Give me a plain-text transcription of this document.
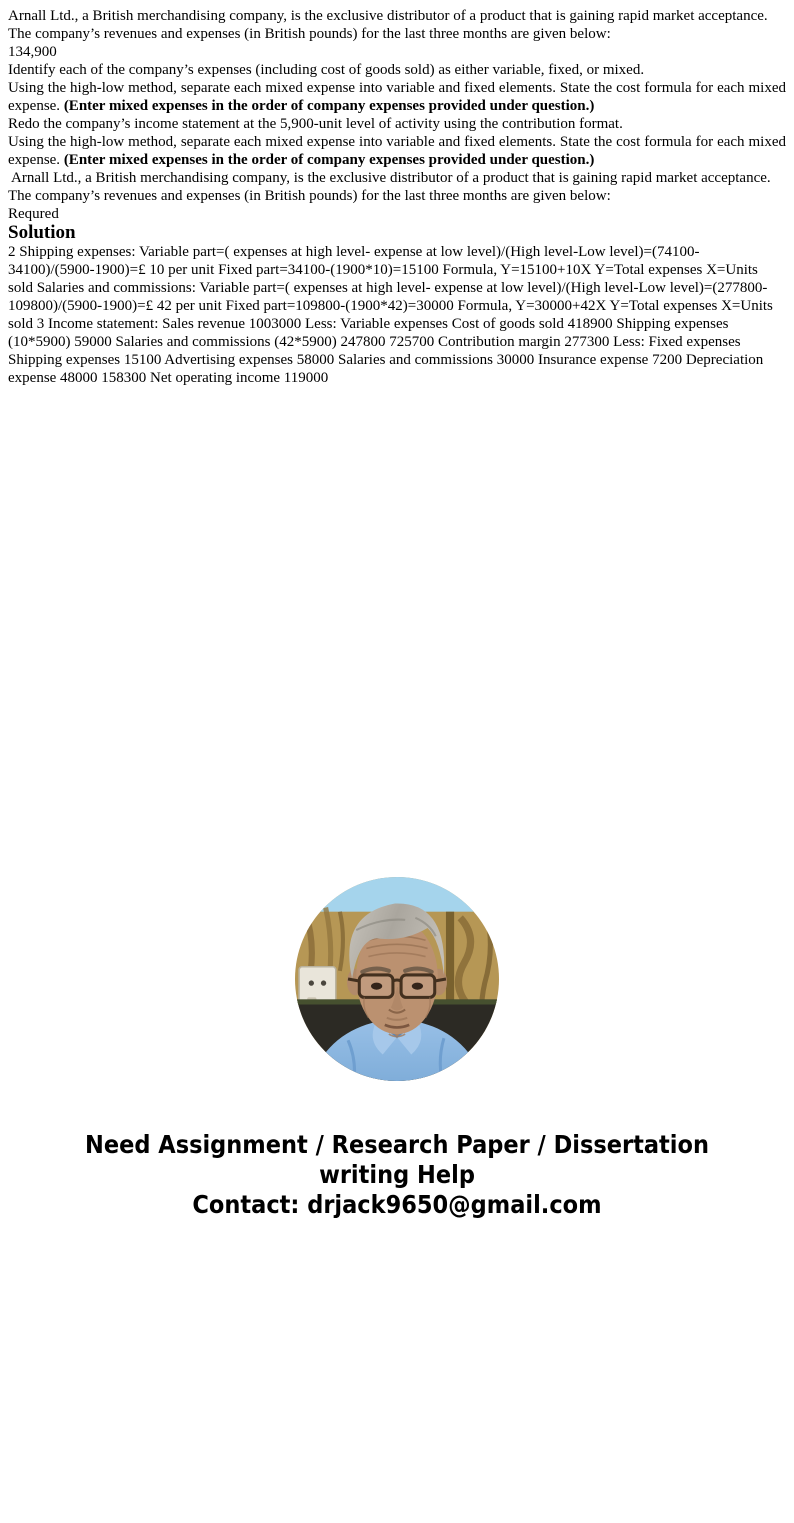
Arnall Ltd., a British merchandising company, is the exclusive distributor of a product that is gaining rapid market acceptance. The company’s revenues and expenses (in British pounds) for the last three months are given below:

134,900

Identify each of the company’s expenses (including cost of goods sold) as either variable, fixed, or mixed.

Using the high-low method, separate each mixed expense into variable and fixed elements. State the cost formula for each mixed expense. (Enter mixed expenses in the order of company expenses provided under question.)

Redo the company’s income statement at the 5,900-unit level of activity using the contribution format.

Using the high-low method, separate each mixed expense into variable and fixed elements. State the cost formula for each mixed expense. (Enter mixed expenses in the order of company expenses provided under question.)

Arnall Ltd., a British merchandising company, is the exclusive distributor of a product that is gaining rapid market acceptance. The company’s revenues and expenses (in British pounds) for the last three months are given below:

Requred

Solution

2 Shipping expenses: Variable part=( expenses at high level- expense at low level)/(High level-Low level)=(74100-34100)/(5900-1900)=£ 10 per unit Fixed part=34100-(1900*10)=15100 Formula, Y=15100+10X Y=Total expenses X=Units sold Salaries and commissions: Variable part=( expenses at high level- expense at low level)/(High level-Low level)=(277800-109800)/(5900-1900)=£ 42 per unit Fixed part=109800-(1900*42)=30000 Formula, Y=30000+42X Y=Total expenses X=Units sold 3 Income statement: Sales revenue 1003000 Less: Variable expenses Cost of goods sold 418900 Shipping expenses (10*5900) 59000 Salaries and commissions (42*5900) 247800 725700 Contribution margin 277300 Less: Fixed expenses Shipping expenses 15100 Advertising expenses 58000 Salaries and commissions 30000 Insurance expense 7200 Depreciation expense 48000 158300 Net operating income 119000

Need Assignment / Research Paper / Dissertation
writing Help
Contact: drjack9650@gmail.com
